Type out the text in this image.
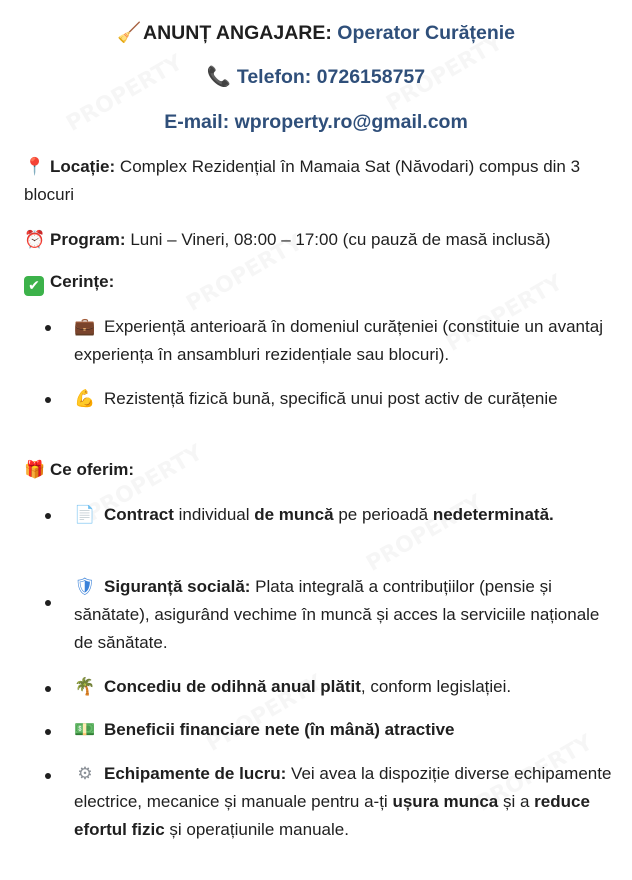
🧹ANUNȚ ANGAJARE: Operator Curățenie
📞 Telefon: 0726158757
E-mail: wproperty.ro@gmail.com
📍 Locație: Complex Rezidențial în Mamaia Sat (Năvodari) compus din 3 blocuri
⏰ Program: Luni – Vineri, 08:00 – 17:00 (cu pauză de masă inclusă)
✔ Cerințe:
💼 Experiență anterioară în domeniul curățeniei (constituie un avantaj experiența în ansambluri rezidențiale sau blocuri).
💪 Rezistență fizică bună, specifică unui post activ de curățenie
🎁 Ce oferim:
📄 Contract individual de muncă pe perioadă nedeterminată.
🛡 Siguranță socială: Plata integrală a contribuțiilor (pensie și sănătate), asigurând vechime în muncă și acces la serviciile naționale de sănătate.
🌴 Concediu de odihnă anual plătit, conform legislației.
💵 Beneficii financiare nete (în mână) atractive
⚙ Echipamente de lucru: Vei avea la dispoziție diverse echipamente electrice, mecanice și manuale pentru a-ți ușura munca și a reduce efortul fizic și operațiunile manuale.
